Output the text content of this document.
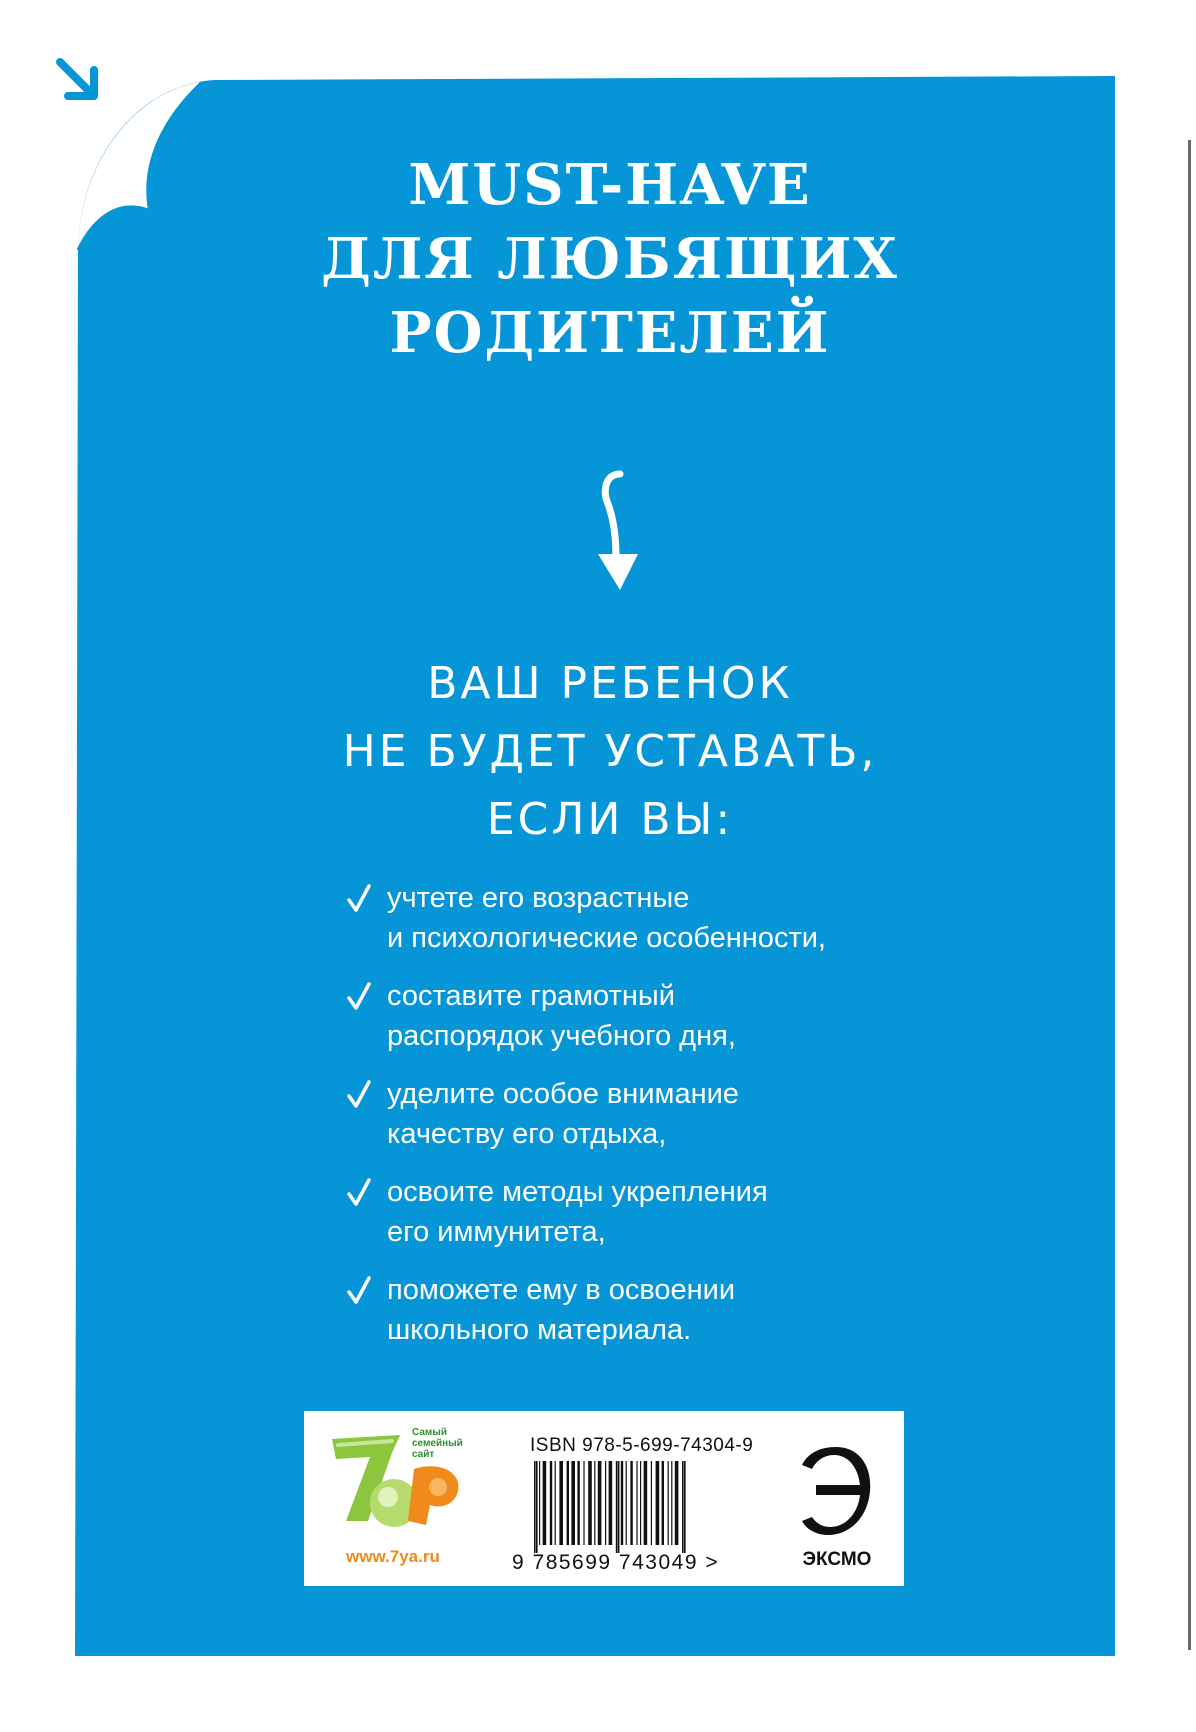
MUST-HAVE
ДЛЯ ЛЮБЯЩИХ
РОДИТЕЛЕЙ

ВАШ РЕБЕНОК
НЕ БУДЕТ УСТАВАТЬ,
ЕСЛИ ВЫ:

учтете его возрастные
и психологические особенности,
составите грамотный
распорядок учебного дня,
уделите особое внимание
качеству его отдыха,
освоите методы укрепления
его иммунитета,
поможете ему в освоении
школьного материала.
7Я
Самый семейный сайт
www.7ya.ru
ISBN 978-5-699-74304-9
9 785699 743049 >	ЭКСМО
